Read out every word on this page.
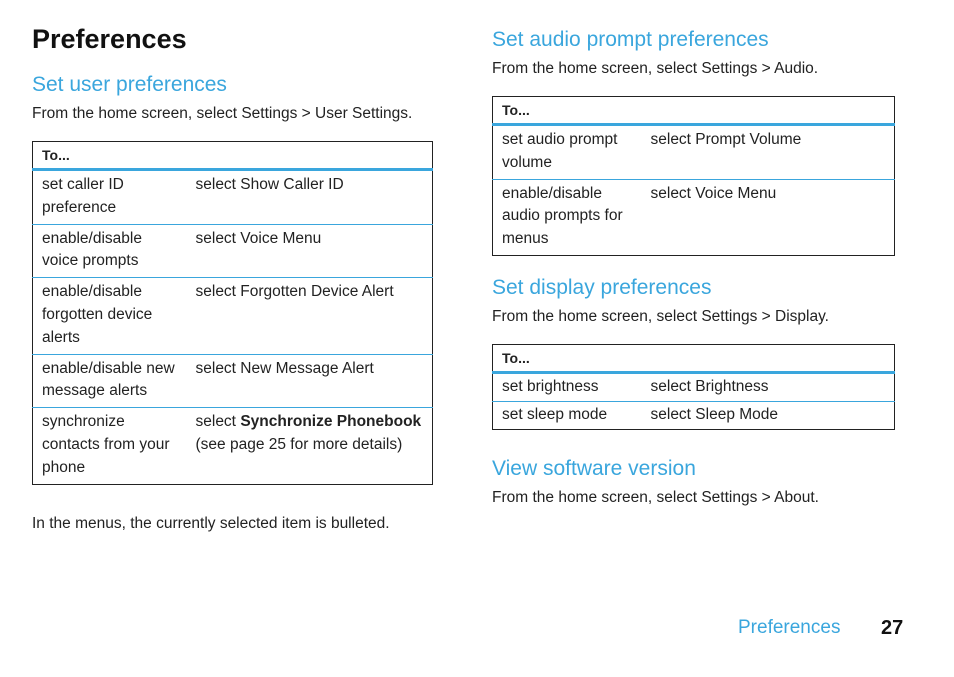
Preferences
Set user preferences

From the home screen, select Settings > User Settings.

To...	
set caller ID preference	select Show Caller ID
enable/disable voice prompts	select Voice Menu
enable/disable forgotten device alerts	select Forgotten Device Alert
enable/disable new message alerts	select New Message Alert
synchronize contacts from your phone	select Synchronize Phonebook (see page 25 for more details)

In the menus, the currently selected item is bulleted.

Set audio prompt preferences

From the home screen, select Settings > Audio.

To...	
set audio prompt volume	select Prompt Volume
enable/disable audio prompts for menus	select Voice Menu
Set display preferences

From the home screen, select Settings > Display.

To...	
set brightness	select Brightness
set sleep mode	select Sleep Mode
View software version

From the home screen, select Settings > About.

Preferences 27
